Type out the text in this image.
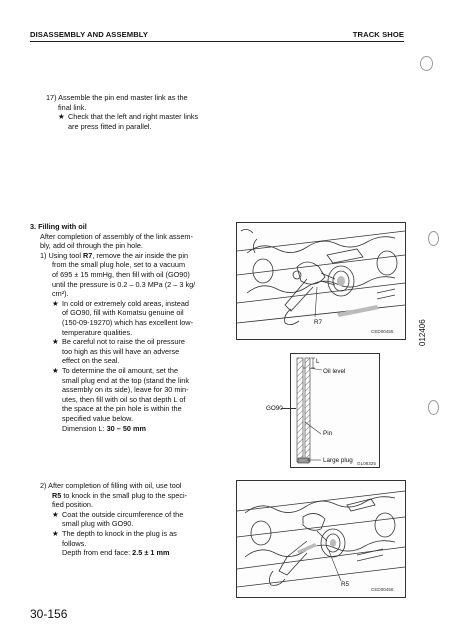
DISASSEMBLY AND ASSEMBLY	TRACK SHOE
17) Assemble the pin end master link as the
final link.
★ Check that the left and right master links
are press fitted in parallel.
3. Filling with oil
After completion of assembly of the link assem-
bly, add oil through the pin hole.
1) Using tool R7, remove the air inside the pin
from the small plug hole, set to a vacuum
of 695 ± 15 mmHg, then fill with oil (GO90)
until the pressure is 0.2 – 0.3 MPa (2 – 3 kg/
cm²).
★ In cold or extremely cold areas, instead
of GO90, fill with Komatsu genuine oil
(150-09-19270) which has excellent low-
temperature qualities.
★ Be careful not to raise the oil pressure
too high as this will have an adverse
effect on the seal.
★ To determine the oil amount, set the
small plug end at the top (stand the link
assembly on its side), leave for 30 min-
utes, then fill with oil so that depth L of
the space at the pin hole is within the
specified value below.
Dimension L: 30 – 50 mm
2) After completion of filling with oil, use tool
R5 to knock in the small plug to the speci-
fied position.
★ Coat the outside circumference of the
small plug with GO90.
★ The depth to knock in the plug is as
follows.
Depth from end face: 2.5 ± 1 mm
R7
CED00455
L
Oil level
Pin
Large plug GL08325
GO90
R5
CED00456
012406
30-156
